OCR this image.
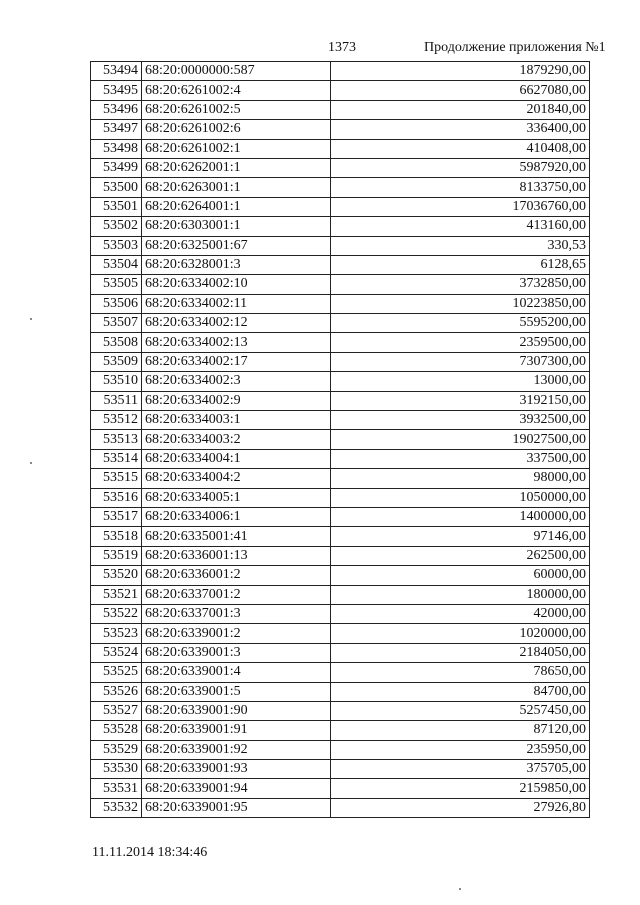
1373	Продолжение приложения №1
53494	68:20:0000000:587	1879290,00
53495	68:20:6261002:4	6627080,00
53496	68:20:6261002:5	201840,00
53497	68:20:6261002:6	336400,00
53498	68:20:6261002:1	410408,00
53499	68:20:6262001:1	5987920,00
53500	68:20:6263001:1	8133750,00
53501	68:20:6264001:1	17036760,00
53502	68:20:6303001:1	413160,00
53503	68:20:6325001:67	330,53
53504	68:20:6328001:3	6128,65
53505	68:20:6334002:10	3732850,00
53506	68:20:6334002:11	10223850,00
53507	68:20:6334002:12	5595200,00
53508	68:20:6334002:13	2359500,00
53509	68:20:6334002:17	7307300,00
53510	68:20:6334002:3	13000,00
53511	68:20:6334002:9	3192150,00
53512	68:20:6334003:1	3932500,00
53513	68:20:6334003:2	19027500,00
53514	68:20:6334004:1	337500,00
53515	68:20:6334004:2	98000,00
53516	68:20:6334005:1	1050000,00
53517	68:20:6334006:1	1400000,00
53518	68:20:6335001:41	97146,00
53519	68:20:6336001:13	262500,00
53520	68:20:6336001:2	60000,00
53521	68:20:6337001:2	180000,00
53522	68:20:6337001:3	42000,00
53523	68:20:6339001:2	1020000,00
53524	68:20:6339001:3	2184050,00
53525	68:20:6339001:4	78650,00
53526	68:20:6339001:5	84700,00
53527	68:20:6339001:90	5257450,00
53528	68:20:6339001:91	87120,00
53529	68:20:6339001:92	235950,00
53530	68:20:6339001:93	375705,00
53531	68:20:6339001:94	2159850,00
53532	68:20:6339001:95	27926,80
11.11.2014 18:34:46
